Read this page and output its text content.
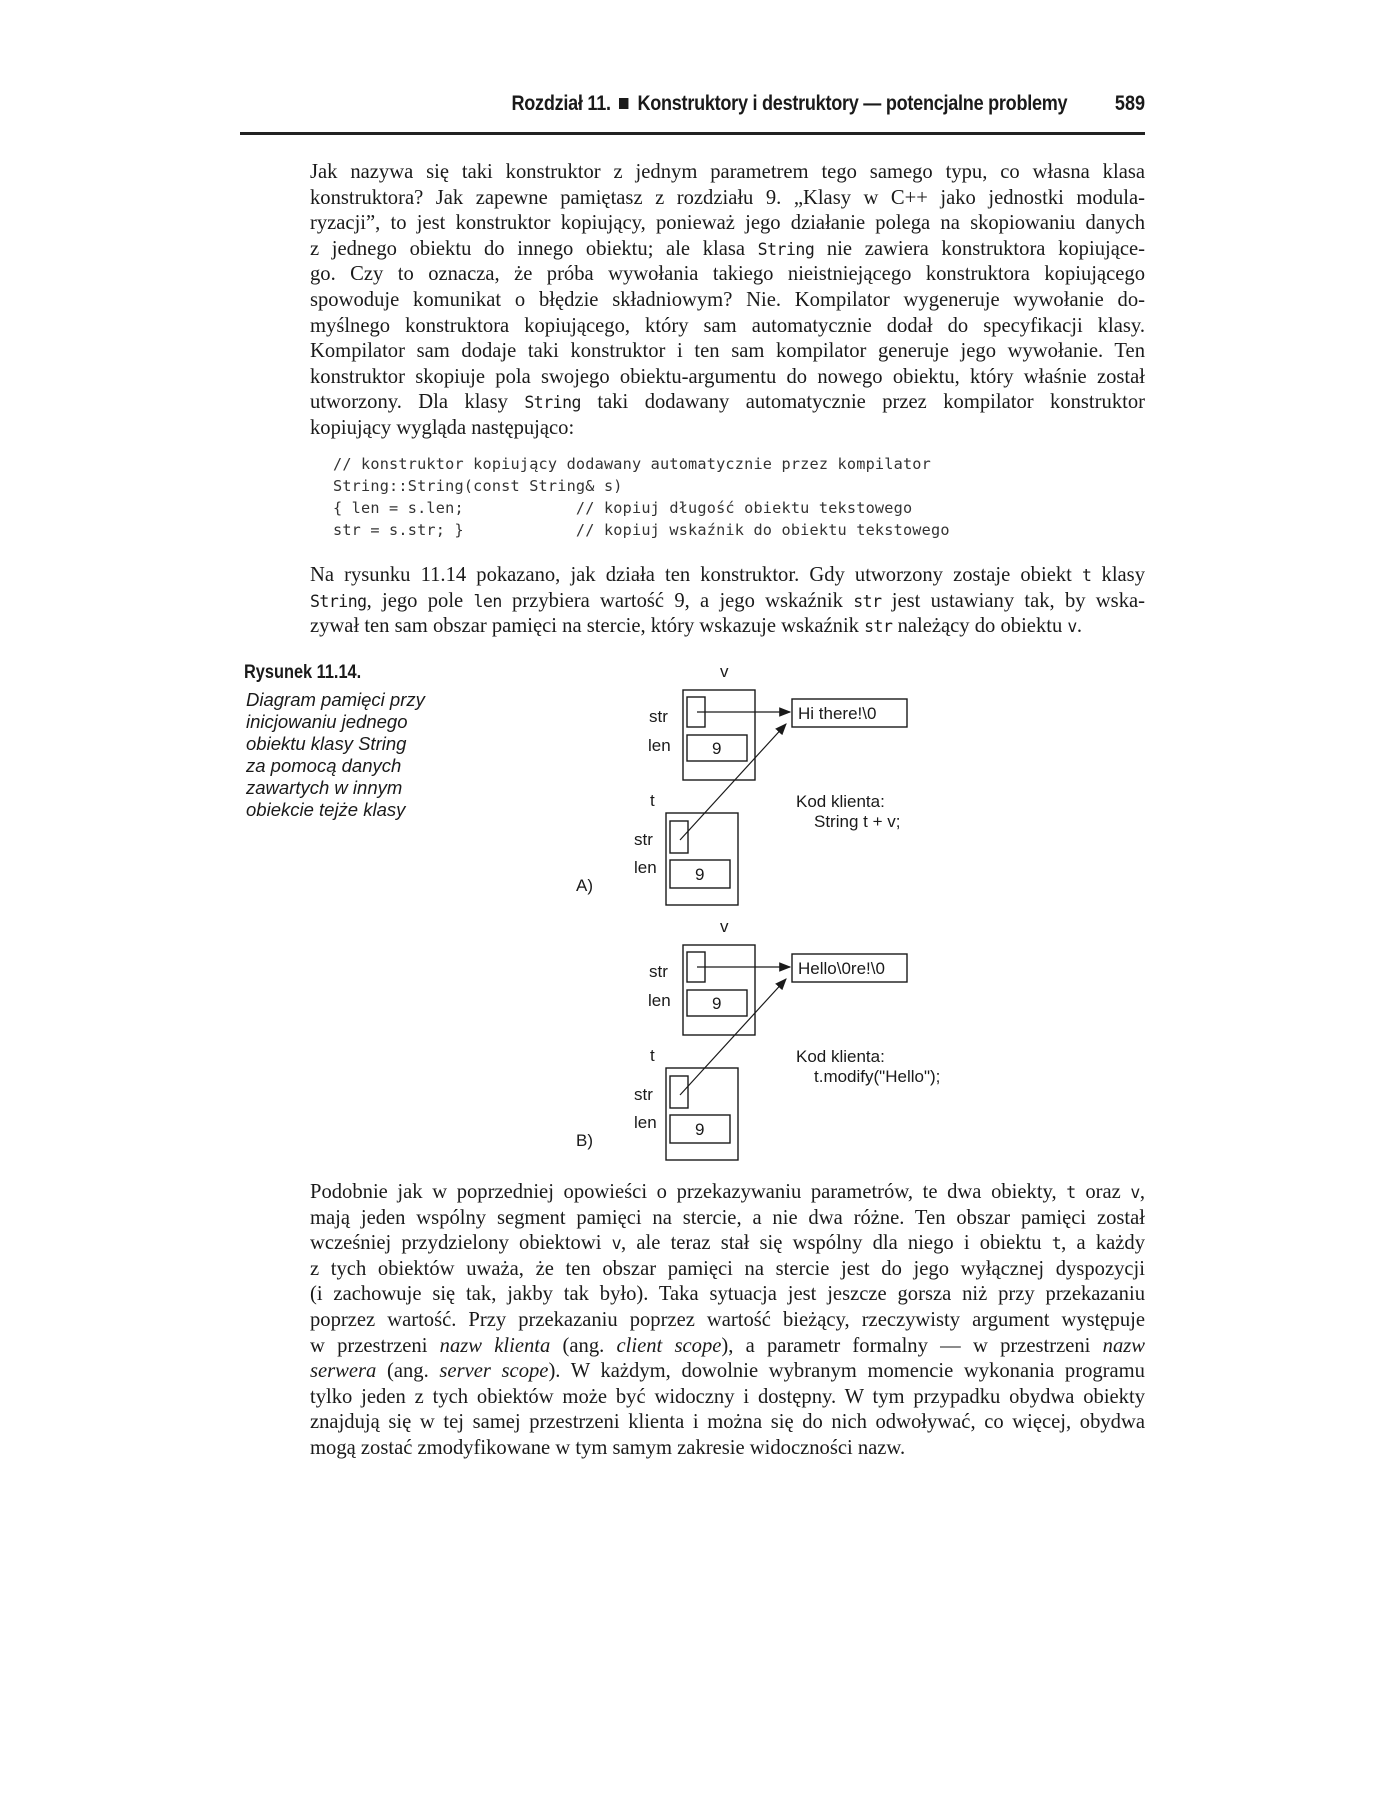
Rozdział 11. Konstruktory i destruktory — potencjalne problemy 589
Jak nazywa się taki konstruktor z jednym parametrem tego samego typu, co własna klasa
konstruktora? Jak zapewne pamiętasz z rozdziału 9. „Klasy w C++ jako jednostki modula-
ryzacji”, to jest konstruktor kopiujący, ponieważ jego działanie polega na skopiowaniu danych
z jednego obiektu do innego obiektu; ale klasa String nie zawiera konstruktora kopiujące-
go. Czy to oznacza, że próba wywołania takiego nieistniejącego konstruktora kopiującego
spowoduje komunikat o błędzie składniowym? Nie. Kompilator wygeneruje wywołanie do-
myślnego konstruktora kopiującego, który sam automatycznie dodał do specyfikacji klasy.
Kompilator sam dodaje taki konstruktor i ten sam kompilator generuje jego wywołanie. Ten
konstruktor skopiuje pola swojego obiektu-argumentu do nowego obiektu, który właśnie został
utworzony. Dla klasy String taki dodawany automatycznie przez kompilator konstruktor
kopiujący wygląda następująco:
// konstruktor kopiujący dodawany automatycznie przez kompilator
String::String(const String& s)
{ len = s.len;            // kopiuj długość obiektu tekstowego
str = s.str; }            // kopiuj wskaźnik do obiektu tekstowego
Na rysunku 11.14 pokazano, jak działa ten konstruktor. Gdy utworzony zostaje obiekt t klasy
String, jego pole len przybiera wartość 9, a jego wskaźnik str jest ustawiany tak, by wska-
zywał ten sam obszar pamięci na stercie, który wskazuje wskaźnik str należący do obiektu v.
Rysunek 11.14.
Diagram pamięci przy
inicjowaniu jednego
obiektu klasy String
za pomocą danych
zawartych w innym
obiekcie tejże klasy
v
str
len 9
Hi there!\0
t
str
len 9
A)
Kod klienta:
String t + v;
v
str
len 9
Hello\0re!\0
t
str
len 9
B)
Kod klienta:
t.modify("Hello");
Podobnie jak w poprzedniej opowieści o przekazywaniu parametrów, te dwa obiekty, t oraz v,
mają jeden wspólny segment pamięci na stercie, a nie dwa różne. Ten obszar pamięci został
wcześniej przydzielony obiektowi v, ale teraz stał się wspólny dla niego i obiektu t, a każdy
z tych obiektów uważa, że ten obszar pamięci na stercie jest do jego wyłącznej dyspozycji
(i zachowuje się tak, jakby tak było). Taka sytuacja jest jeszcze gorsza niż przy przekazaniu
poprzez wartość. Przy przekazaniu poprzez wartość bieżący, rzeczywisty argument występuje
w przestrzeni nazw klienta (ang. client scope), a parametr formalny — w przestrzeni nazw
serwera (ang. server scope). W każdym, dowolnie wybranym momencie wykonania programu
tylko jeden z tych obiektów może być widoczny i dostępny. W tym przypadku obydwa obiekty
znajdują się w tej samej przestrzeni klienta i można się do nich odwoływać, co więcej, obydwa
mogą zostać zmodyfikowane w tym samym zakresie widoczności nazw.
